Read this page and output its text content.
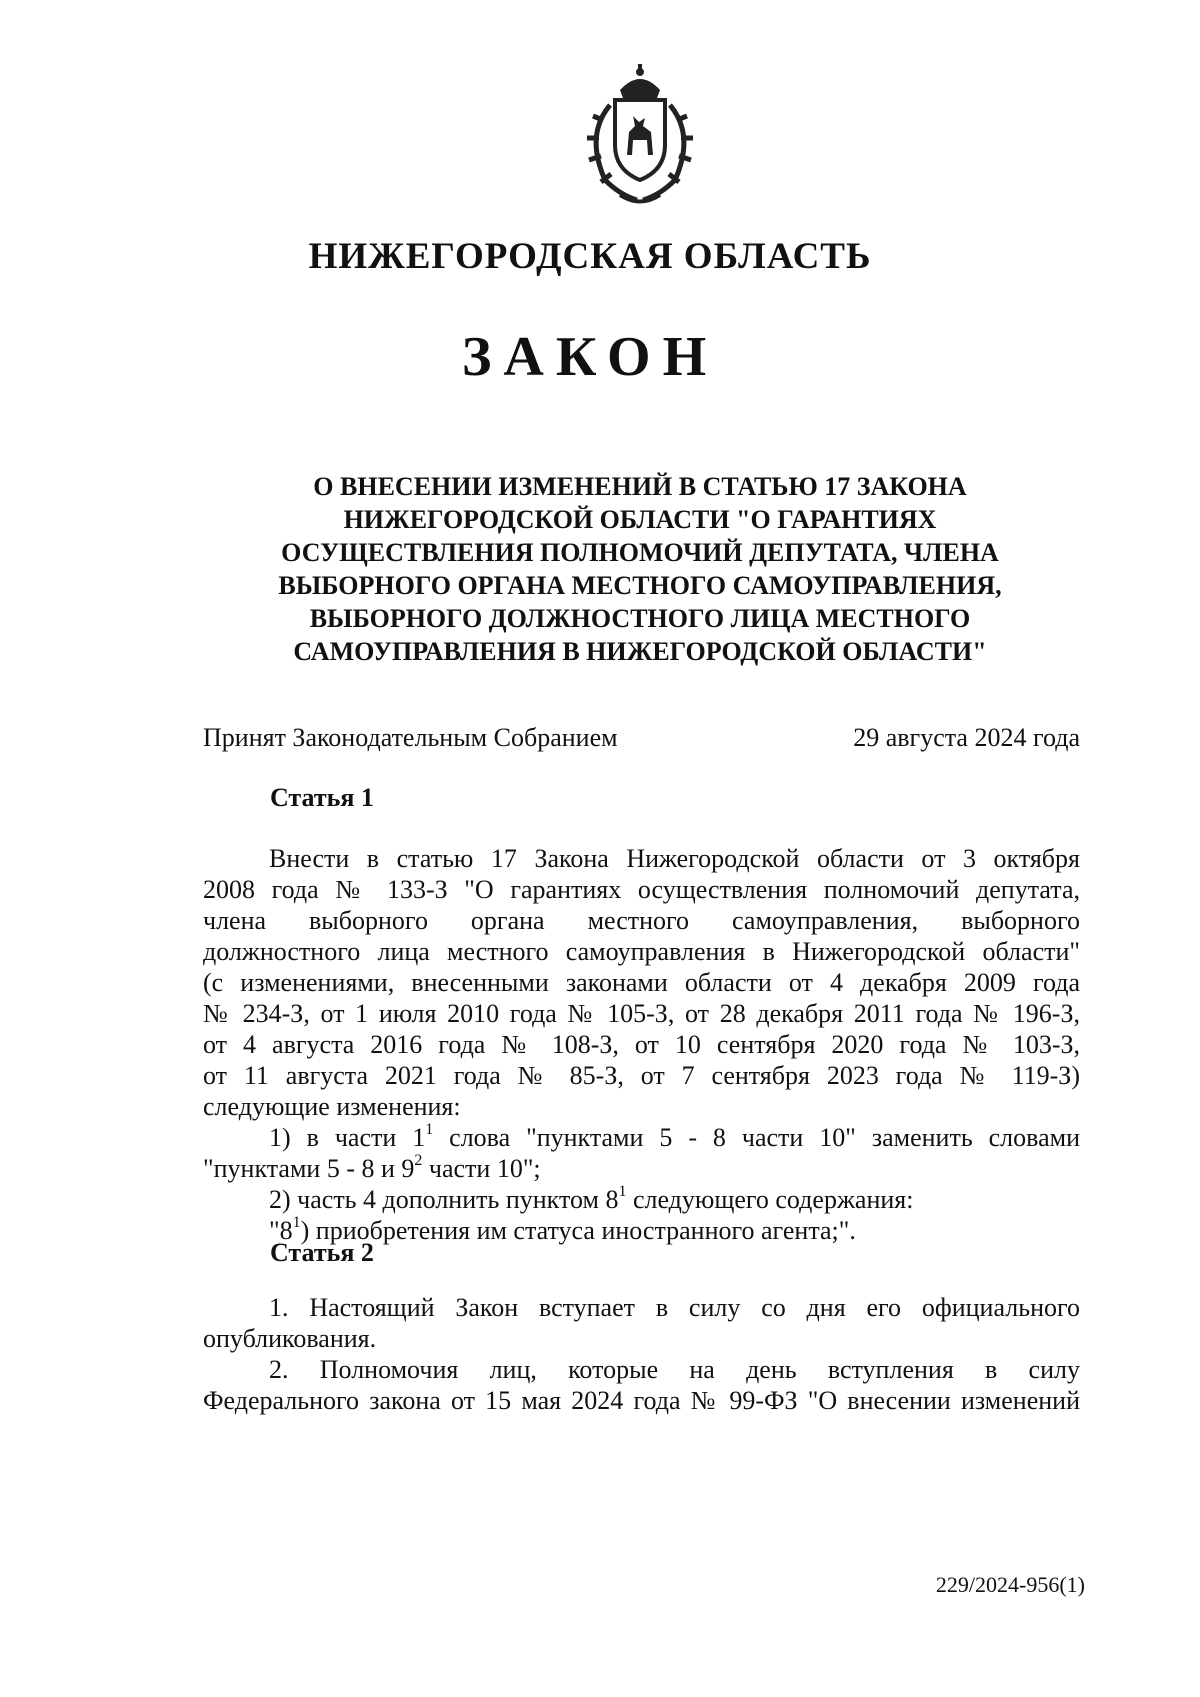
НИЖЕГОРОДСКАЯ ОБЛАСТЬ
ЗАКОН
О ВНЕСЕНИИ ИЗМЕНЕНИЙ В СТАТЬЮ 17 ЗАКОНА
НИЖЕГОРОДСКОЙ ОБЛАСТИ "О ГАРАНТИЯХ
ОСУЩЕСТВЛЕНИЯ ПОЛНОМОЧИЙ ДЕПУТАТА, ЧЛЕНА
ВЫБОРНОГО ОРГАНА МЕСТНОГО САМОУПРАВЛЕНИЯ,
ВЫБОРНОГО ДОЛЖНОСТНОГО ЛИЦА МЕСТНОГО
САМОУПРАВЛЕНИЯ В НИЖЕГОРОДСКОЙ ОБЛАСТИ"
Принят Законодательным Собранием	29 августа 2024 года
Статья 1

Внести в статью 17 Закона Нижегородской области от 3 октября

2008 года № 133-З "О гарантиях осуществления полномочий депутата,

члена выборного органа местного самоуправления, выборного

должностного лица местного самоуправления в Нижегородской области"

(с изменениями, внесенными законами области от 4 декабря 2009 года

№ 234-З, от 1 июля 2010 года № 105-З, от 28 декабря 2011 года № 196-З,

от 4 августа 2016 года № 108-З, от 10 сентября 2020 года № 103-З,

от 11 августа 2021 года № 85-З, от 7 сентября 2023 года № 119-З)

следующие изменения:

1) в части $1^1$ слова "пунктами 5 - 8 части 10" заменить словами

"пунктами 5 - 8 и $9^2$ части 10";

2) часть 4 дополнить пунктом $8^1$ следующего содержания:

"$8^1$) приобретения им статуса иностранного агента;".

Статья 2

1. Настоящий Закон вступает в силу со дня его официального

опубликования.

2. Полномочия лиц, которые на день вступления в силу

Федерального закона от 15 мая 2024 года № 99-ФЗ "О внесении изменений

229/2024-956(1)
